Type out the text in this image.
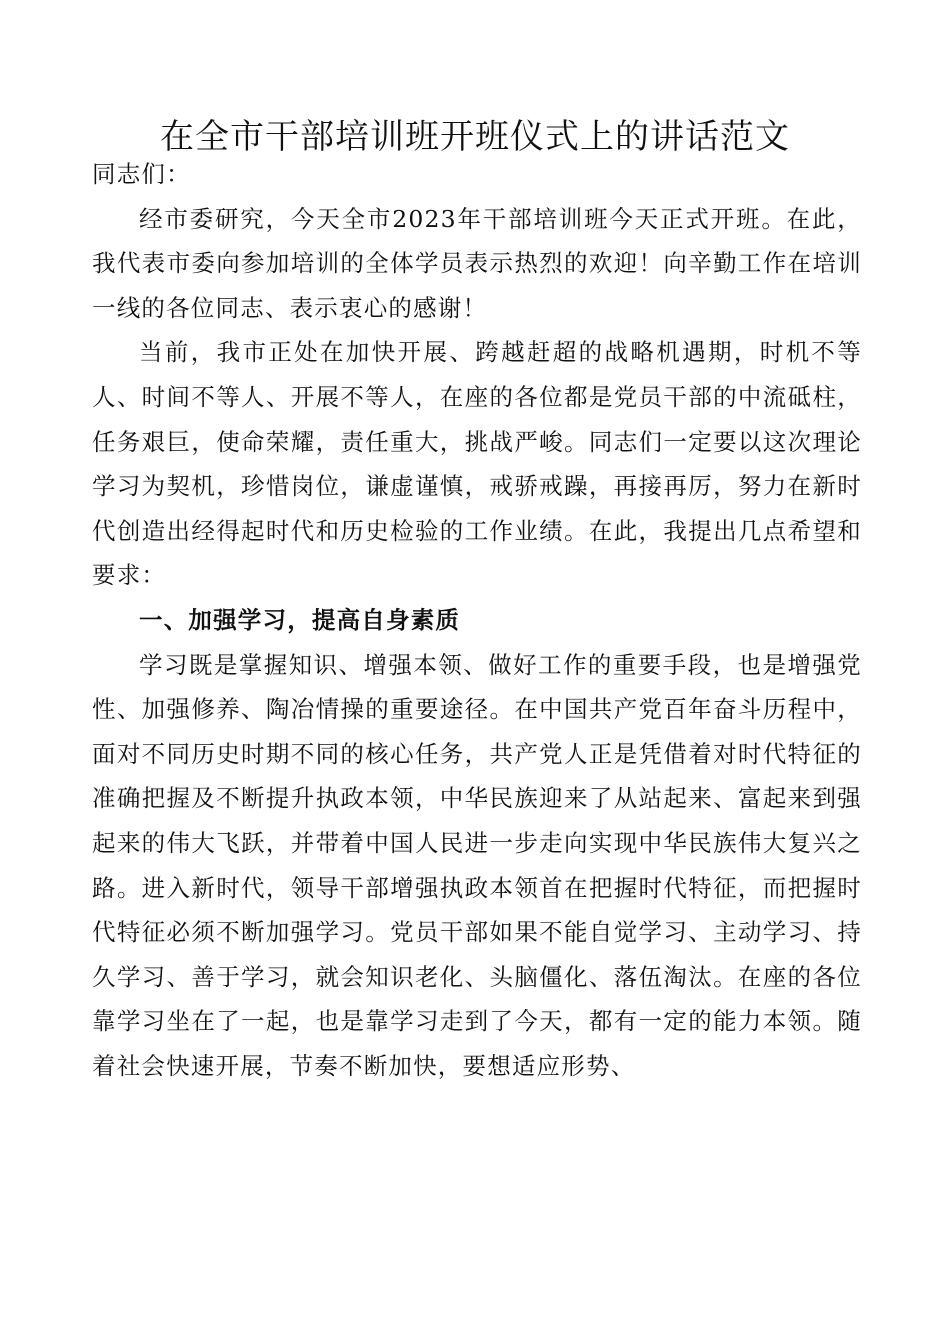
在全市干部培训班开班仪式上的讲话范文

同志们：

经市委研究，今天全市2023年干部培训班今天正式开班。在此，我代表市委向参加培训的全体学员表示热烈的欢迎！向辛勤工作在培训一线的各位同志、表示衷心的感谢！

当前，我市正处在加快开展、跨越赶超的战略机遇期，时机不等人、时间不等人、开展不等人，在座的各位都是党员干部的中流砥柱，任务艰巨，使命荣耀，责任重大，挑战严峻。同志们一定要以这次理论学习为契机，珍惜岗位，谦虚谨慎，戒骄戒躁，再接再厉，努力在新时代创造出经得起时代和历史检验的工作业绩。在此，我提出几点希望和要求：

一、加强学习，提高自身素质

学习既是掌握知识、增强本领、做好工作的重要手段，也是增强党性、加强修养、陶冶情操的重要途径。在中国共产党百年奋斗历程中，面对不同历史时期不同的核心任务，共产党人正是凭借着对时代特征的准确把握及不断提升执政本领，中华民族迎来了从站起来、富起来到强起来的伟大飞跃，并带着中国人民进一步走向实现中华民族伟大复兴之路。进入新时代，领导干部增强执政本领首在把握时代特征，而把握时代特征必须不断加强学习。党员干部如果不能自觉学习、主动学习、持久学习、善于学习，就会知识老化、头脑僵化、落伍淘汰。在座的各位靠学习坐在了一起，也是靠学习走到了今天，都有一定的能力本领。随着社会快速开展，节奏不断加快，要想适应形势、
